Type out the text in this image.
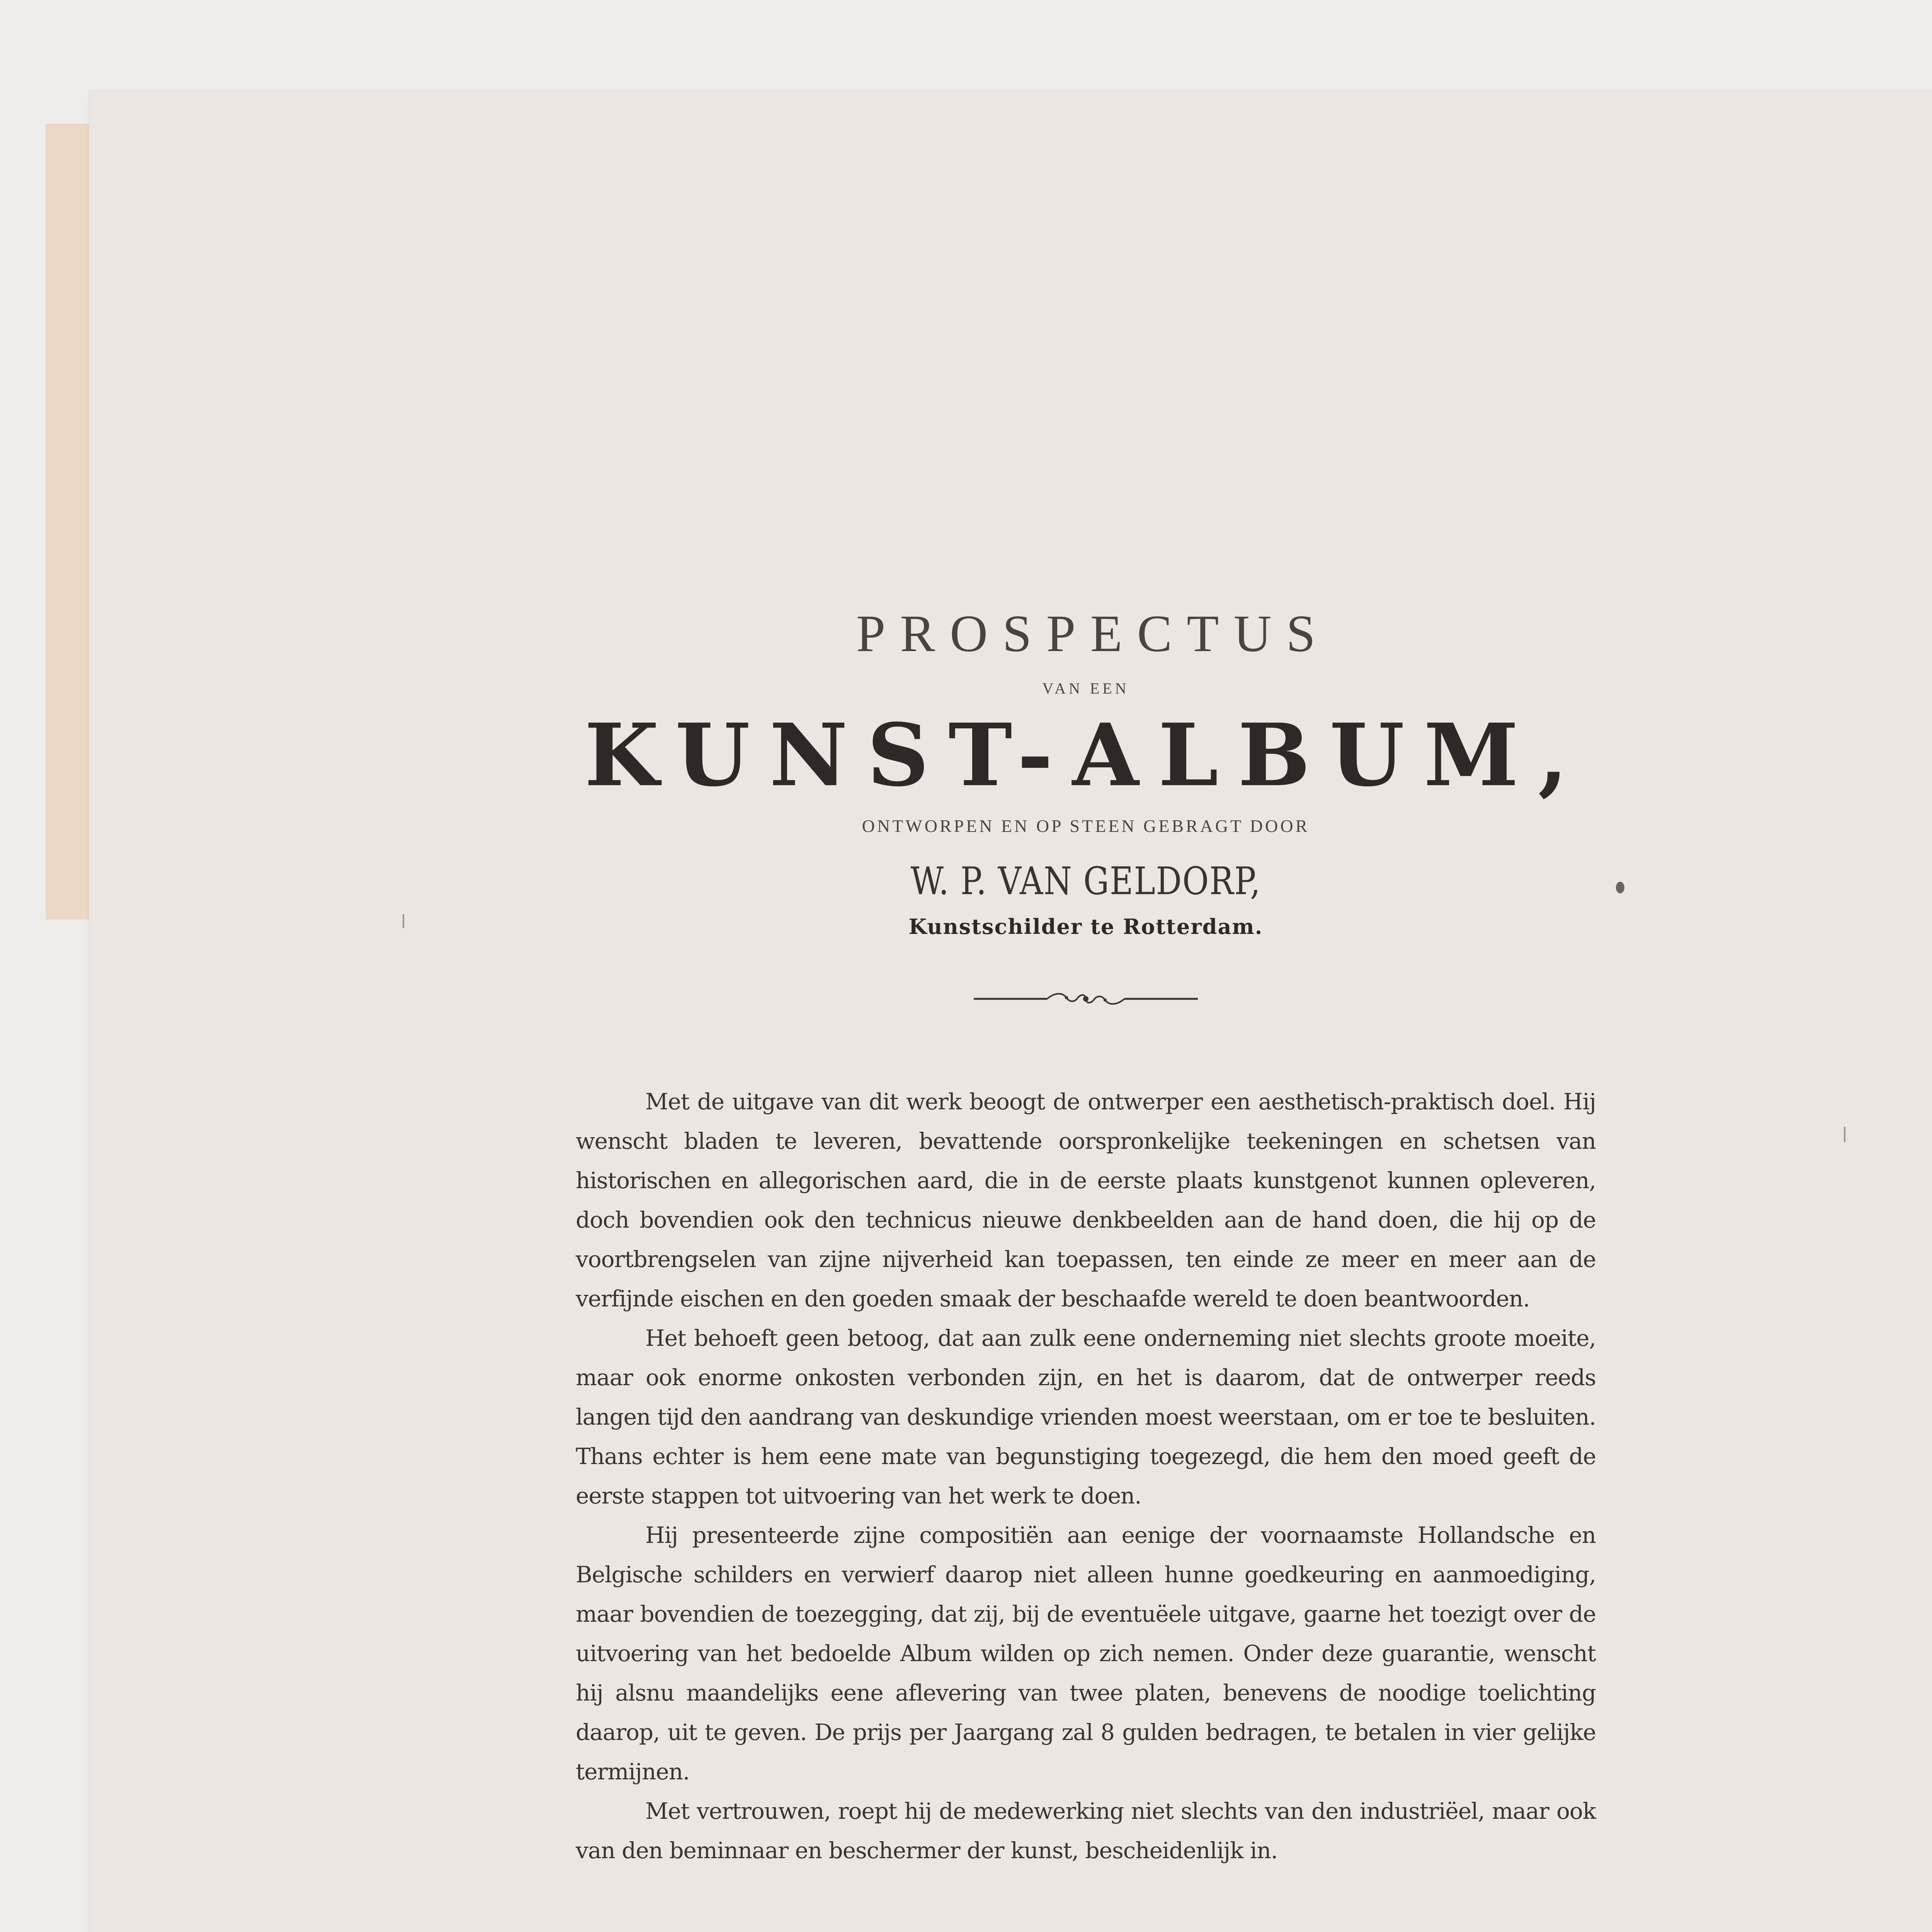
PROSPECTUS
VAN EEN
KUNST-ALBUM,
ONTWORPEN EN OP STEEN GEBRAGT DOOR
W. P. VAN GELDORP,
Kunstschilder te Rotterdam.

Met de uitgave van dit werk beoogt de ontwerper een aesthetisch-praktisch doel. Hij wenscht bladen te leveren, bevattende oorspronkelijke teekeningen en schetsen van historischen en allegorischen aard, die in de eerste plaats kunstgenot kunnen opleveren, doch bovendien ook den technicus nieuwe denkbeelden aan de hand doen, die hij op de voortbrengselen van zijne nijverheid kan toepassen, ten einde ze meer en meer aan de verfijnde eischen en den goeden smaak der beschaafde wereld te doen beantwoorden.

Het behoeft geen betoog, dat aan zulk eene onderneming niet slechts groote moeite, maar ook enorme onkosten verbonden zijn, en het is daarom, dat de ontwerper reeds langen tijd den aandrang van deskundige vrienden moest weerstaan, om er toe te besluiten. Thans echter is hem eene mate van begunstiging toegezegd, die hem den moed geeft de eerste stappen tot uitvoering van het werk te doen.

Hij presenteerde zijne compositiën aan eenige der voornaamste Hollandsche en Belgische schilders en verwierf daarop niet alleen hunne goedkeuring en aanmoediging, maar bovendien de toezegging, dat zij, bij de eventuëele uitgave, gaarne het toezigt over de uitvoering van het bedoelde Album wilden op zich nemen. Onder deze guarantie, wenscht hij alsnu maandelijks eene aflevering van twee platen, benevens de noodige toelichting daarop, uit te geven. De prijs per Jaargang zal 8 gulden bedragen, te betalen in vier gelijke termijnen.

Met vertrouwen, roept hij de medewerking niet slechts van den industriëel, maar ook van den beminnaar en beschermer der kunst, bescheidenlijk in.
